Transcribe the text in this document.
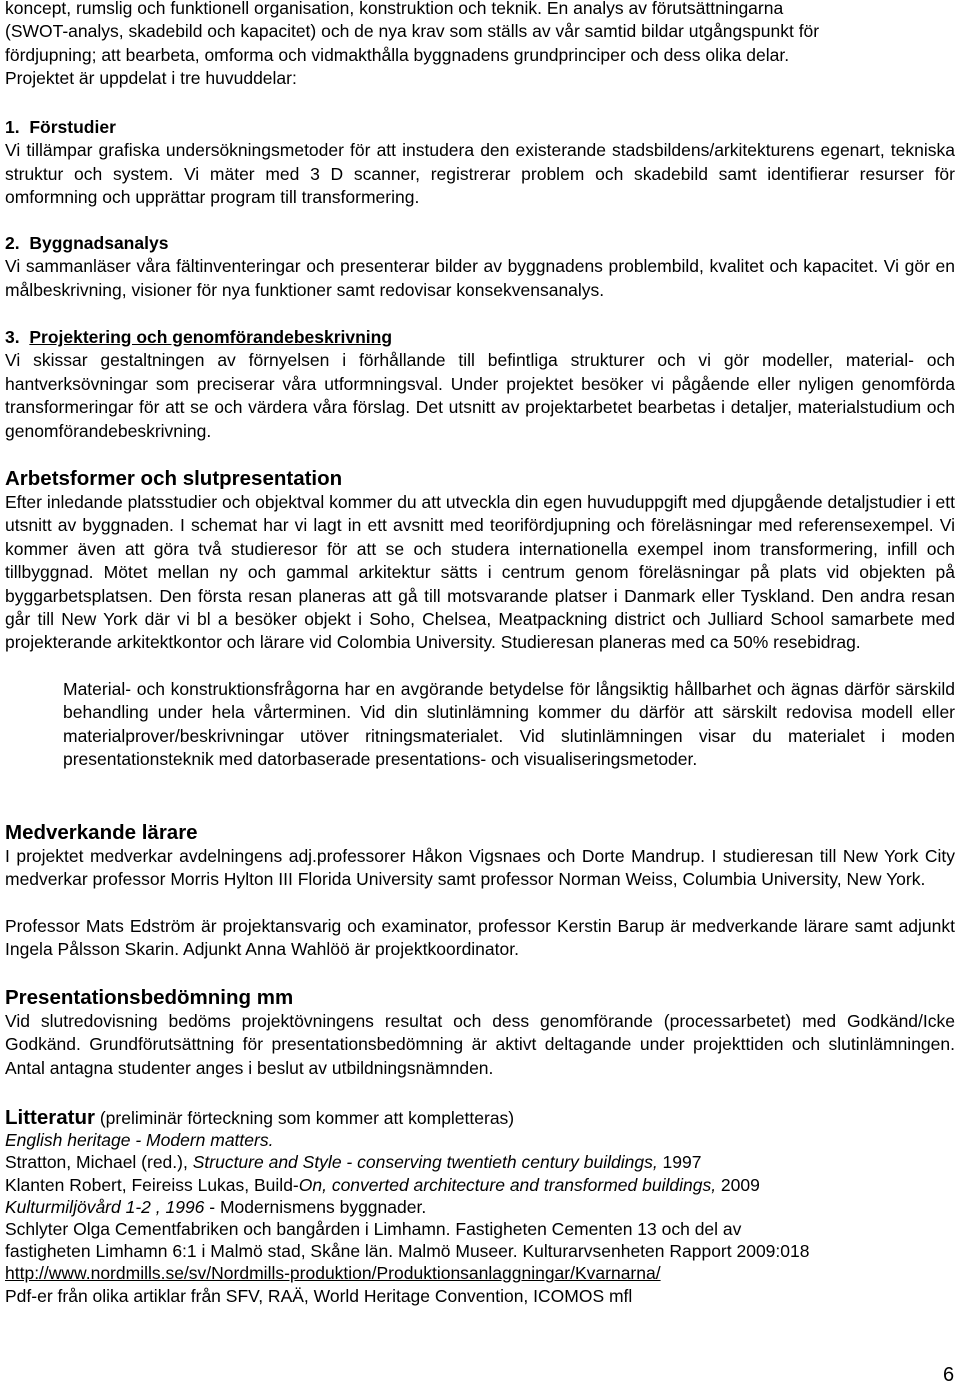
koncept, rumslig och funktionell organisation, konstruktion och teknik. En analys av förutsättningarna
(SWOT-analys, skadebild och kapacitet) och de nya krav som ställs av vår samtid bildar utgångspunkt för
fördjupning; att bearbeta, omforma och vidmakthålla byggnadens grundprinciper och dess olika delar.
Projektet är uppdelat i tre huvuddelar:
1. Förstudier
Vi tillämpar grafiska undersökningsmetoder för att instudera den existerande stadsbildens/arkitekturens egenart, tekniska struktur och system. Vi mäter med 3 D scanner, registrerar problem och skadebild samt identifierar resurser för omformning och upprättar program till transformering.
2. Byggnadsanalys
Vi sammanläser våra fältinventeringar och presenterar bilder av byggnadens problembild, kvalitet och kapacitet. Vi gör en målbeskrivning, visioner för nya funktioner samt redovisar konsekvensanalys.
3. Projektering och genomförandebeskrivning
Vi skissar gestaltningen av förnyelsen i förhållande till befintliga strukturer och vi gör modeller, material- och hantverksövningar som preciserar våra utformningsval. Under projektet besöker vi pågående eller nyligen genomförda transformeringar för att se och värdera våra förslag. Det utsnitt av projektarbetet bearbetas i detaljer, materialstudium och genomförandebeskrivning.
Arbetsformer och slutpresentation
Efter inledande platsstudier och objektval kommer du att utveckla din egen huvuduppgift med djupgående detaljstudier i ett utsnitt av byggnaden. I schemat har vi lagt in ett avsnitt med teorifördjupning och föreläsningar med referensexempel. Vi kommer även att göra två studieresor för att se och studera internationella exempel inom transformering, infill och tillbyggnad. Mötet mellan ny och gammal arkitektur sätts i centrum genom föreläsningar på plats vid objekten på byggarbetsplatsen. Den första resan planeras att gå till motsvarande platser i Danmark eller Tyskland. Den andra resan går till New York där vi bl a besöker objekt i Soho, Chelsea, Meatpackning district och Julliard School samarbete med projekterande arkitektkontor och lärare vid Colombia University. Studieresan planeras med ca 50% resebidrag.
Material- och konstruktionsfrågorna har en avgörande betydelse för långsiktig hållbarhet och ägnas därför särskild behandling under hela vårterminen. Vid din slutinlämning kommer du därför att särskilt redovisa modell eller materialprover/beskrivningar utöver ritningsmaterialet. Vid slutinlämningen visar du materialet i moden presentationsteknik med datorbaserade presentations- och visualiseringsmetoder.
Medverkande lärare
I projektet medverkar avdelningens adj.professorer Håkon Vigsnaes och Dorte Mandrup. I studieresan till New York City medverkar professor Morris Hylton III Florida University samt professor Norman Weiss, Columbia University, New York.
Professor Mats Edström är projektansvarig och examinator, professor Kerstin Barup är medverkande lärare samt adjunkt Ingela Pålsson Skarin. Adjunkt Anna Wahlöö är projektkoordinator.
Presentationsbedömning mm
Vid slutredovisning bedöms projektövningens resultat och dess genomförande (processarbetet) med Godkänd/Icke Godkänd. Grundförutsättning för presentationsbedömning är aktivt deltagande under projekttiden och slutinlämningen. Antal antagna studenter anges i beslut av utbildningsnämnden.
Litteratur (preliminär förteckning som kommer att kompletteras)
English heritage - Modern matters.
Stratton, Michael (red.), Structure and Style - conserving twentieth century buildings, 1997
Klanten Robert, Feireiss Lukas, Build-On, converted architecture and transformed buildings, 2009
Kulturmiljövård 1-2 , 1996 - Modernismens byggnader.
Schlyter Olga Cementfabriken och bangården i Limhamn. Fastigheten Cementen 13 och del av
fastigheten Limhamn 6:1 i Malmö stad, Skåne län. Malmö Museer. Kulturarvsenheten Rapport 2009:018
http://www.nordmills.se/sv/Nordmills-produktion/Produktionsanlaggningar/Kvarnarna/
Pdf-er från olika artiklar från SFV, RAÄ, World Heritage Convention, ICOMOS mfl
6
